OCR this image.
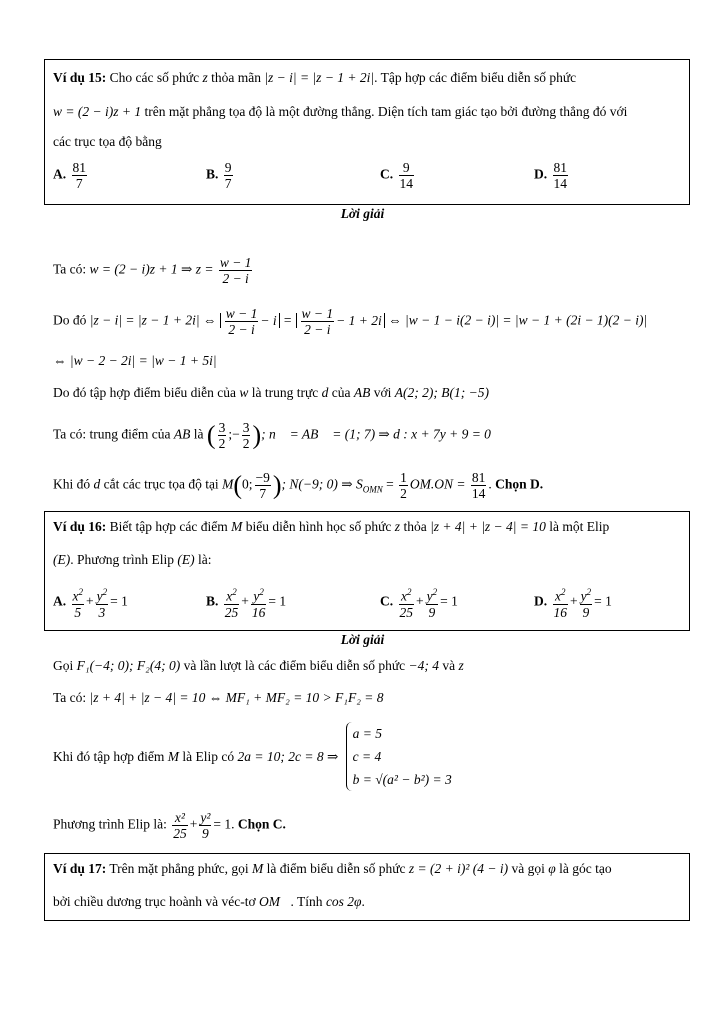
Ví dụ 15: Cho các số phức z thỏa mãn |z − i| = |z − 1 + 2i|. Tập hợp các điểm biểu diễn số phức
w = (2 − i)z + 1 trên mặt phẳng tọa độ là một đường thẳng. Diện tích tam giác tạo bởi đường thẳng đó với
các trục tọa độ bằng
A. $\frac{81}{7}$	B. $\frac{9}{7}$	C. $\frac{9}{14}$	D. $\frac{81}{14}$
Lời giải
Ta có: w = (2 − i)z + 1 ⇒ $z = \frac{w - 1}{2 - i}$
Do đó |z − i| = |z − 1 + 2i| ⇔ $\frac{w - 1}{2 - i} - i = \frac{w - 1}{2 - i} - 1 + 2i$ ⇔ |w − 1 − i(2 − i)| = |w − 1 + (2i − 1)(2 − i)|
⇔ |w − 2 − 2i| = |w − 1 + 5i|
Do đó tập hợp điểm biểu diễn của w là trung trực d của AB với A(2; 2); B(1; −5)
Ta có: trung điểm của AB là ( $\frac{3}{2}$ ;− $\frac{3}{2}$ ); n⃗ = AB⃗ = (1; 7) ⇒ d : x + 7y + 9 = 0
Khi đó d cắt các trục tọa độ tại M(0; $\frac{-9}{7}$ ); N(−9; 0) ⇒ $S_{OMN} = \frac{1}{2} OM.ON = \frac{81}{14}$ . Chọn D.
Ví dụ 16: Biết tập hợp các điểm M biểu diễn hình học số phức z thỏa |z + 4| + |z − 4| = 10 là một Elip
(E). Phương trình Elip (E) là:
A. $\frac{x^2}{5} + \frac{y^2}{3} = 1$	B. $\frac{x^2}{25} + \frac{y^2}{16} = 1$	C. $\frac{x^2}{25} + \frac{y^2}{9} = 1$	D. $\frac{x^2}{16} + \frac{y^2}{9} = 1$
Lời giải
Gọi F₁(−4; 0); F₂(4; 0) và lần lượt là các điểm biểu diễn số phức −4; 4 và z
Ta có: |z + 4| + |z − 4| = 10 ⇔ MF₁ + MF₂ = 10 > F₁F₂ = 8
Khi đó tập hợp điểm M là Elip có 2a = 10; 2c = 8 ⇒
a = 5
c = 4
b = √(a² − b²) = 3
Phương trình Elip là: $\frac{\text{x²}}{25} + \frac{\text{y²}}{9} = 1$. Chọn C.
Ví dụ 17: Trên mặt phẳng phức, gọi M là điểm biểu diễn số phức z = (2 + i)² (4 − i) và gọi φ là góc tạo
bởi chiều dương trục hoành và véc-tơ OM⃗. Tính cos 2φ.
